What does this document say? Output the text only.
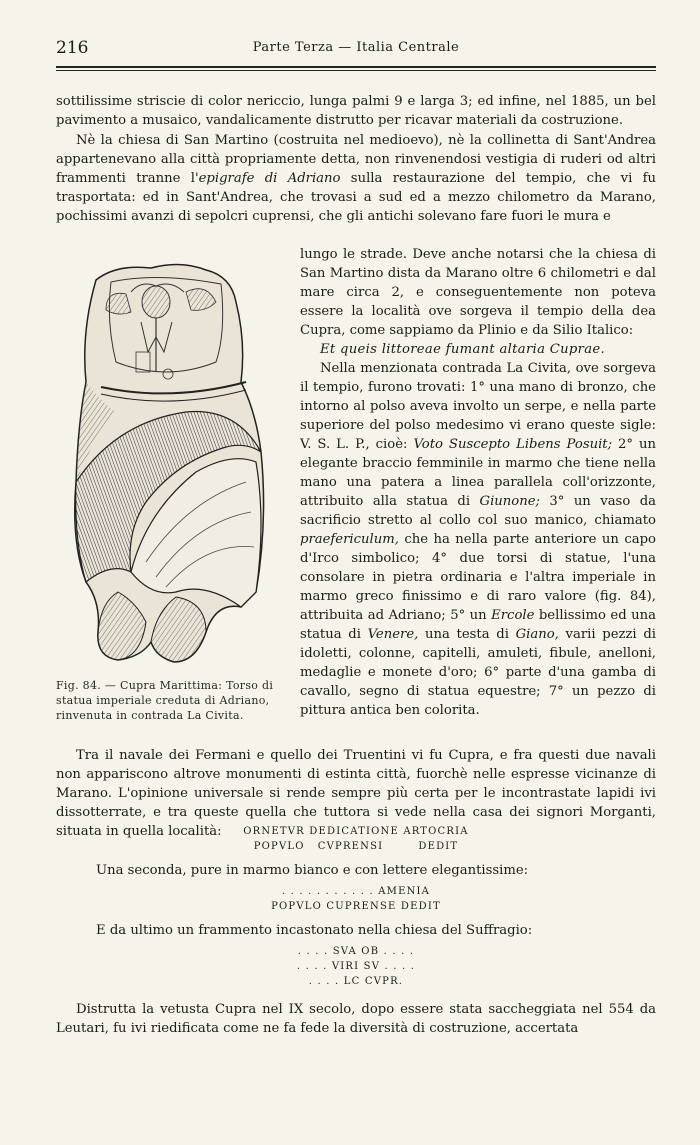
216	Parte Terza — Italia Centrale

sottilissime striscie di color nericcio, lunga palmi 9 e larga 3; ed infine, nel 1885, un bel pavimento a musaico, vandalicamente distrutto per ricavar materiali da costruzione.

Nè la chiesa di San Martino (costruita nel medioevo), nè la collinetta di Sant'Andrea appartenevano alla città propriamente detta, non rinvenendosi vestigia di ruderi od altri frammenti tranne l'epigrafe di Adriano sulla restaurazione del tempio, che vi fu trasportata: ed in Sant'Andrea, che trovasi a sud ed a mezzo chilometro da Marano, pochissimi avanzi di sepolcri cuprensi, che gli antichi solevano fare fuori le mura e

Fig. 84. — Cupra Marittima: Torso di statua imperiale creduta di Adriano, rinvenuta in contrada La Civita.

lungo le strade. Deve anche notarsi che la chiesa di San Martino dista da Marano oltre 6 chilometri e dal mare circa 2, e conseguentemente non poteva essere la località ove sorgeva il tempio della dea Cupra, come sappiamo da Plinio e da Silio Italico:

Et queis littoreae fumant altaria Cuprae.

Nella menzionata contrada La Civita, ove sorgeva il tempio, furono trovati: 1° una mano di bronzo, che intorno al polso aveva involto un serpe, e nella parte superiore del polso medesimo vi erano queste sigle: V. S. L. P., cioè: Voto Suscepto Libens Posuit; 2° un elegante braccio femminile in marmo che tiene nella mano una patera a linea parallela coll'orizzonte, attribuito alla statua di Giunone; 3° un vaso da sacrificio stretto al collo col suo manico, chiamato praefericulum, che ha nella parte anteriore un capo d'Irco simbolico; 4° due torsi di statue, l'una consolare in pietra ordinaria e l'altra imperiale in marmo greco finissimo e di raro valore (fig. 84), attribuita ad Adriano; 5° un Ercole bellissimo ed una statua di Venere, una testa di Giano, varii pezzi di idoletti, colonne, capitelli, amuleti, fibule, anelloni, medaglie e monete d'oro; 6° parte d'una gamba di cavallo, segno di statua equestre; 7° un pezzo di pittura antica ben colorita.

Tra il navale dei Fermani e quello dei Truentini vi fu Cupra, e fra questi due navali non appariscono altrove monumenti di estinta città, fuorchè nelle espresse vicinanze di Marano. L'opinione universale si rende sempre più certa per le incontrastate lapidi ivi dissotterrate, e tra queste quella che tuttora si vede nella casa dei signori Morganti, situata in quella località:	ORNETVR DEDICATIONE ARTOCRIA
POPVLO   CVPRENSI        DEDIT

Una seconda, pure in marmo bianco e con lettere elegantissime:

. . . . . . . . . . . AMENIA
POPVLO CUPRENSE DEDIT

E da ultimo un frammento incastonato nella chiesa del Suffragio:

. . . . SVA OB . . . .
. . . . VIRI SV . . . .
. . . . LC CVPR.

Distrutta la vetusta Cupra nel IX secolo, dopo essere stata saccheggiata nel 554 da Leutari, fu ivi riedificata come ne fa fede la diversità di costruzione, accertata
